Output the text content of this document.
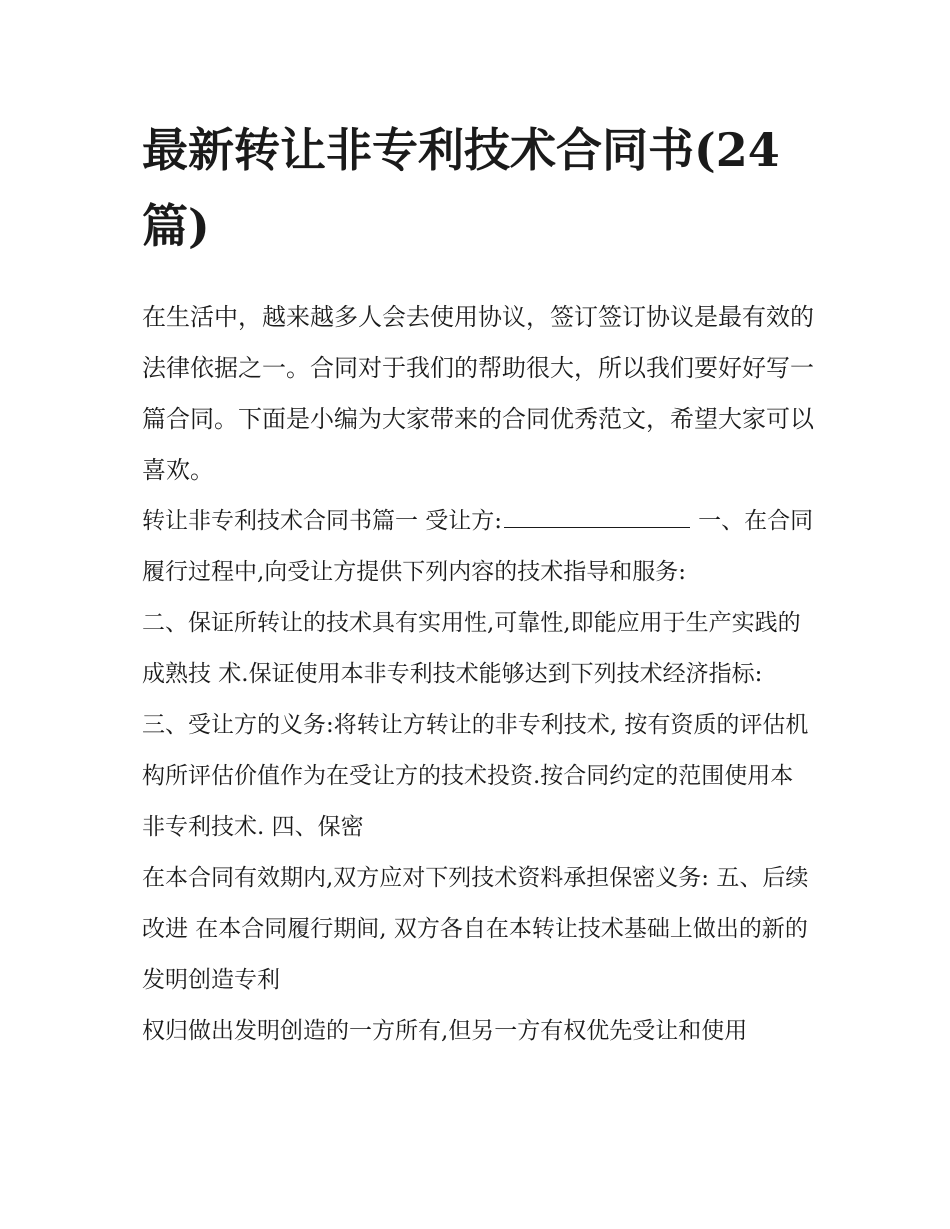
最新转让非专利技术合同书(24篇)

在生活中，越来越多人会去使用协议，签订签订协议是最有效的法律依据之一。合同对于我们的帮助很大，所以我们要好好写一篇合同。下面是小编为大家带来的合同优秀范文，希望大家可以喜欢。

转让非专利技术合同书篇一 受让方:	一、在合同履行过程中,向受让方提供下列内容的技术指导和服务:

二、保证所转让的技术具有实用性,可靠性,即能应用于生产实践的成熟技 术.保证使用本非专利技术能够达到下列技术经济指标:

三、受让方的义务:将转让方转让的非专利技术, 按有资质的评估机构所评估价值作为在受让方的技术投资.按合同约定的范围使用本非专利技术. 四、保密

在本合同有效期内,双方应对下列技术资料承担保密义务: 五、后续改进 在本合同履行期间, 双方各自在本转让技术基础上做出的新的发明创造专利

权归做出发明创造的一方所有,但另一方有权优先受让和使用
